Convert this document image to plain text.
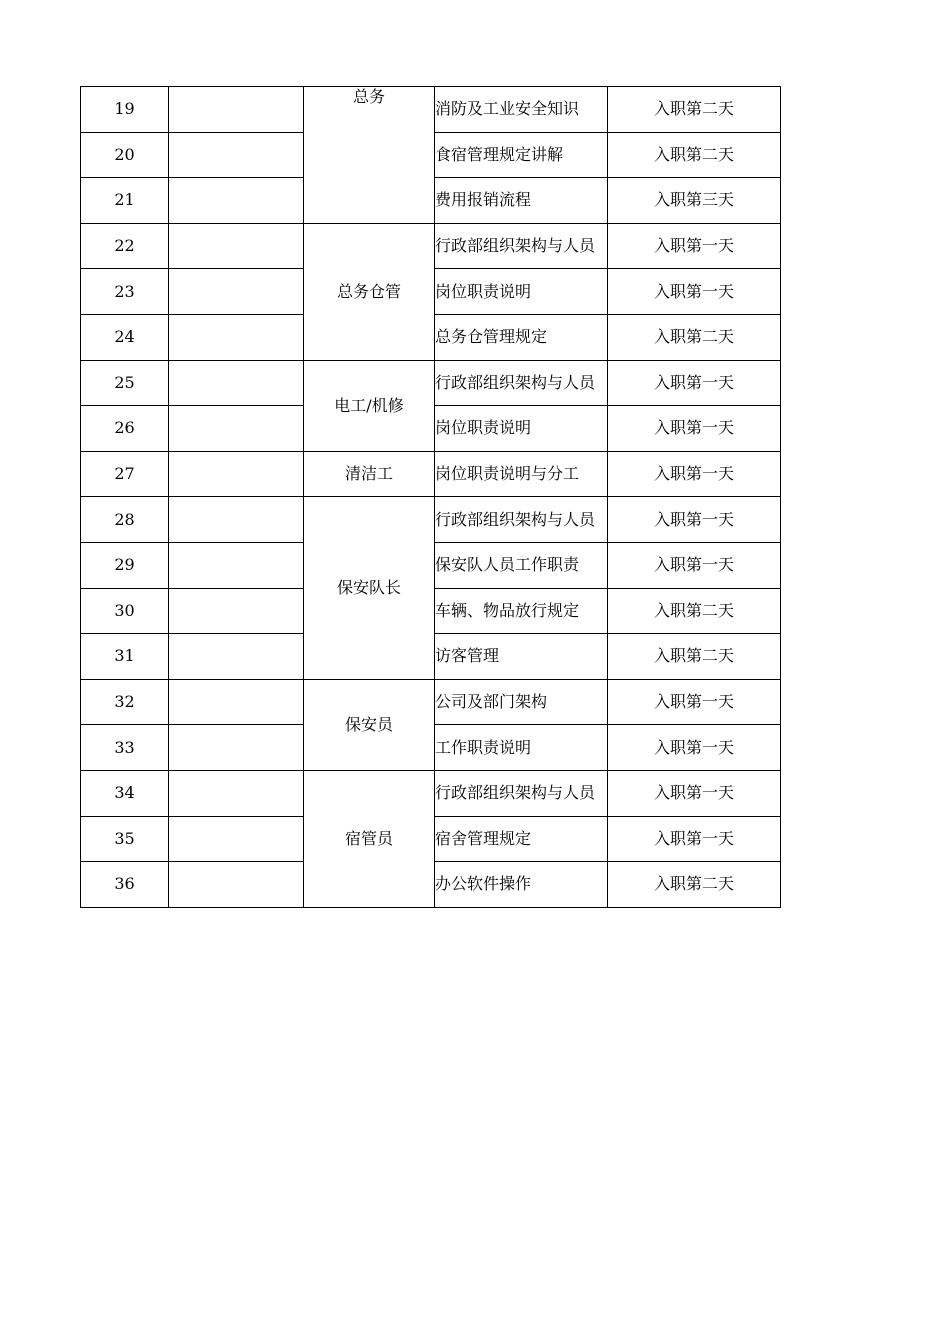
19		总务	消防及工业安全知识	入职第二天
20			食宿管理规定讲解	入职第二天
21			费用报销流程	入职第三天
22		总务仓管	行政部组织架构与人员	入职第一天
23			岗位职责说明	入职第一天
24			总务仓管理规定	入职第二天
25		电工/机修	行政部组织架构与人员	入职第一天
26			岗位职责说明	入职第一天
27		清洁工	岗位职责说明与分工	入职第一天
28		保安队长	行政部组织架构与人员	入职第一天
29			保安队人员工作职责	入职第一天
30			车辆、物品放行规定	入职第二天
31			访客管理	入职第二天
32		保安员	公司及部门架构	入职第一天
33			工作职责说明	入职第一天
34		宿管员	行政部组织架构与人员	入职第一天
35			宿舍管理规定	入职第一天
36			办公软件操作	入职第二天
